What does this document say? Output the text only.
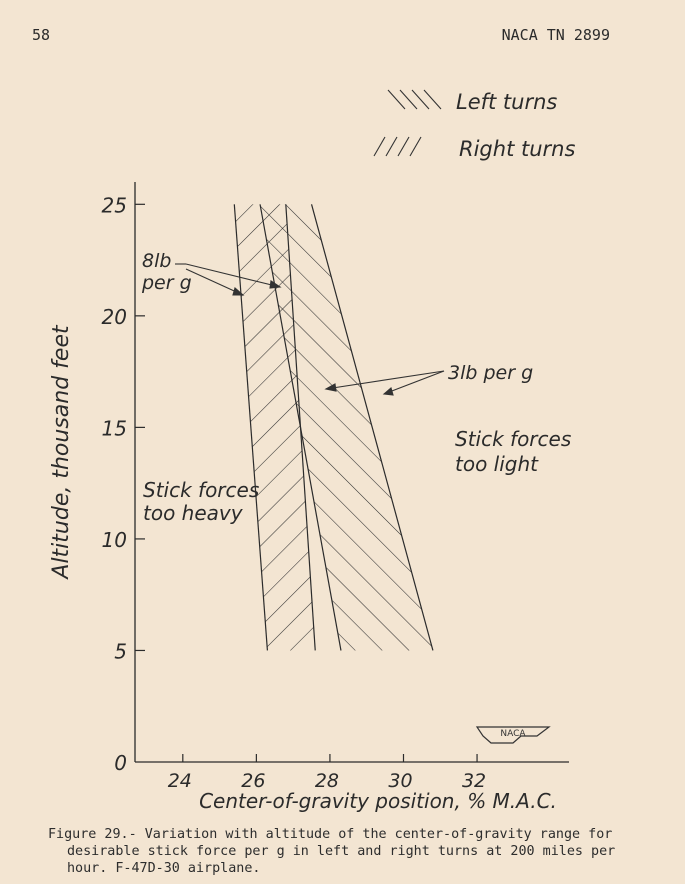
58	NACA TN 2899
24	26	28	30	32
0
5
10
15
20
25
Center-of-gravity position, % M.A.C.
Altitude, thousand feet
Left turns
Right turns
8lb
per g
3lb per g
Stick forces
too light
Stick forces
too heavy
NACA
Figure 29.- Variation with altitude of the center-of-gravity range for
desirable stick force per g in left and right turns at 200 miles per
hour. F-47D-30 airplane.
